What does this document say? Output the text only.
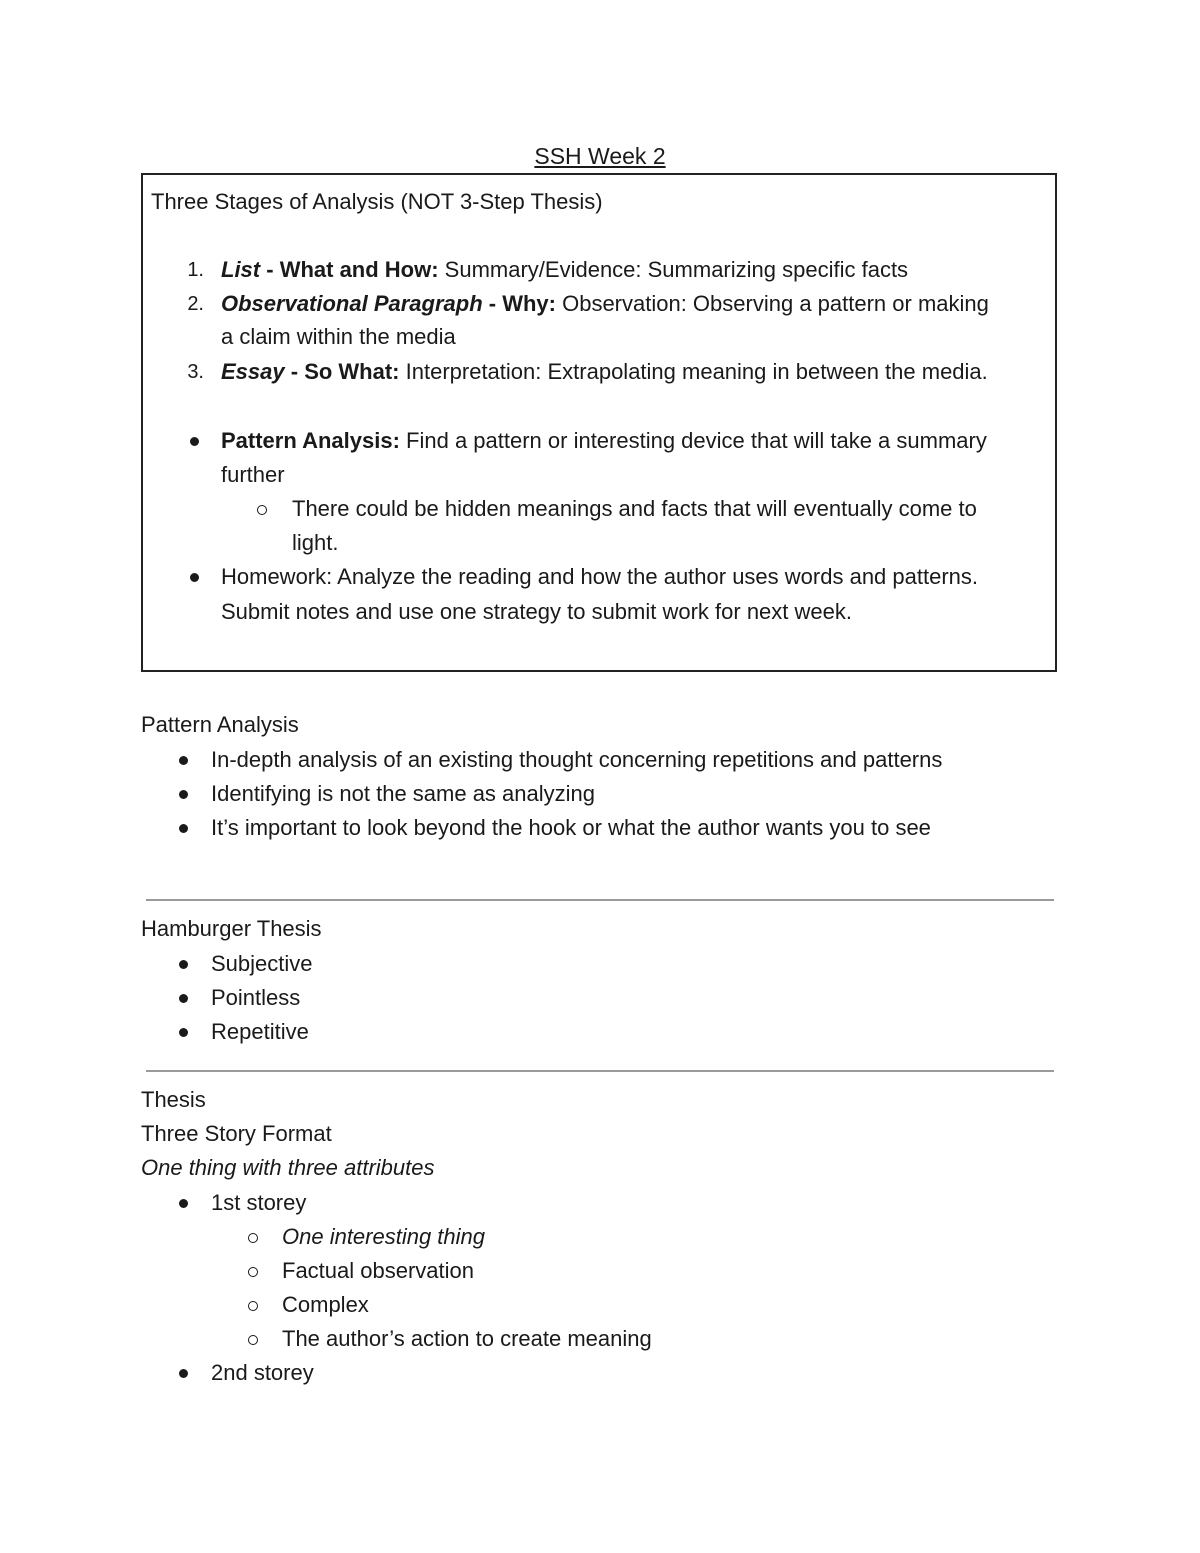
SSH Week 2
Three Stages of Analysis (NOT 3-Step Thesis)
1. List - What and How: Summary/Evidence: Summarizing specific facts
2. Observational Paragraph - Why: Observation: Observing a pattern or making
a claim within the media
3. Essay - So What: Interpretation: Extrapolating meaning in between the media.
Pattern Analysis: Find a pattern or interesting device that will take a summary
further
There could be hidden meanings and facts that will eventually come to
light.
Homework: Analyze the reading and how the author uses words and patterns.
Submit notes and use one strategy to submit work for next week.
Pattern Analysis
In-depth analysis of an existing thought concerning repetitions and patterns
Identifying is not the same as analyzing
It’s important to look beyond the hook or what the author wants you to see
Hamburger Thesis
Subjective
Pointless
Repetitive
Thesis
Three Story Format
One thing with three attributes
1st storey
One interesting thing
Factual observation
Complex
The author’s action to create meaning
2nd storey
